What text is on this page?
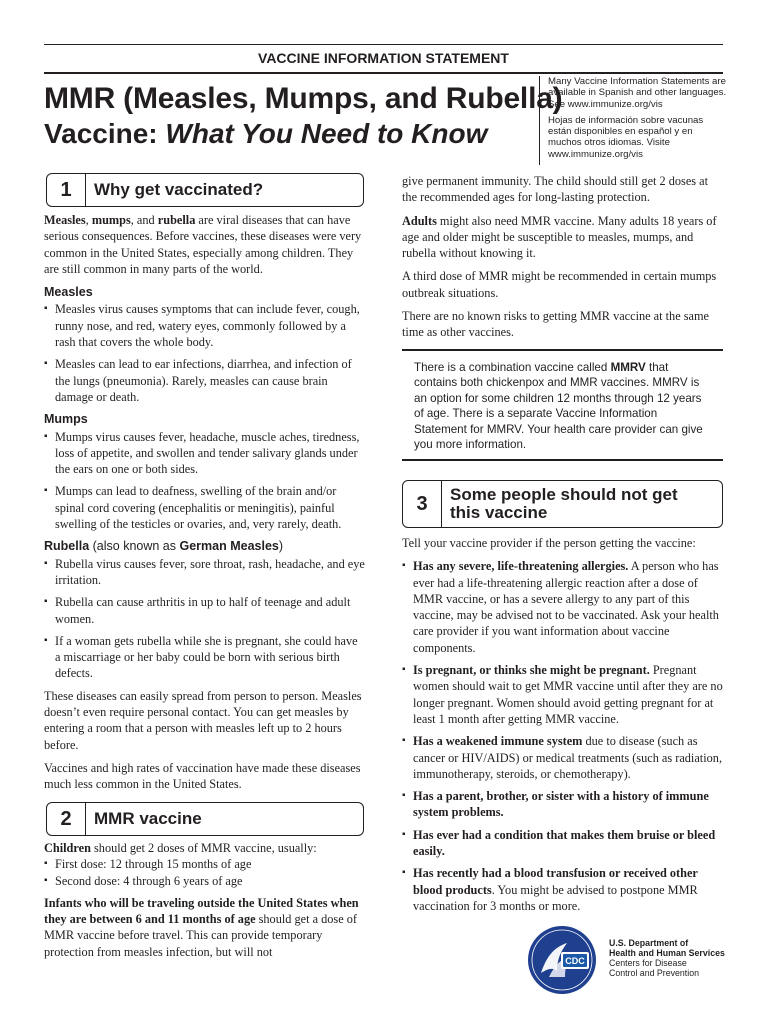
VACCINE INFORMATION STATEMENT
MMR (Measles, Mumps, and Rubella)
Vaccine: What You Need to Know

Many Vaccine Information Statements are available in Spanish and other languages. See www.immunize.org/vis

Hojas de información sobre vacunas están disponibles en español y en muchos otros idiomas. Visite www.immunize.org/vis

1	Why get vaccinated?

Measles, mumps, and rubella are viral diseases that can have serious consequences. Before vaccines, these diseases were very common in the United States, especially among children. They are still common in many parts of the world.

Measles
▪ Measles virus causes symptoms that can include fever, cough, runny nose, and red, watery eyes, commonly followed by a rash that covers the whole body.
▪ Measles can lead to ear infections, diarrhea, and infection of the lungs (pneumonia). Rarely, measles can cause brain damage or death.
Mumps
▪ Mumps virus causes fever, headache, muscle aches, tiredness, loss of appetite, and swollen and tender salivary glands under the ears on one or both sides.
▪ Mumps can lead to deafness, swelling of the brain and/or spinal cord covering (encephalitis or meningitis), painful swelling of the testicles or ovaries, and, very rarely, death.
Rubella (also known as German Measles)
▪ Rubella virus causes fever, sore throat, rash, headache, and eye irritation.
▪ Rubella can cause arthritis in up to half of teenage and adult women.
▪ If a woman gets rubella while she is pregnant, she could have a miscarriage or her baby could be born with serious birth defects.

These diseases can easily spread from person to person. Measles doesn’t even require personal contact. You can get measles by entering a room that a person with measles left up to 2 hours before.

Vaccines and high rates of vaccination have made these diseases much less common in the United States.

2	MMR vaccine
Children should get 2 doses of MMR vaccine, usually:
▪ First dose: 12 through 15 months of age
▪ Second dose: 4 through 6 years of age

Infants who will be traveling outside the United States when they are between 6 and 11 months of age should get a dose of MMR vaccine before travel. This can provide temporary protection from measles infection, but will not

give permanent immunity. The child should still get 2 doses at the recommended ages for long-lasting protection.

Adults might also need MMR vaccine. Many adults 18 years of age and older might be susceptible to measles, mumps, and rubella without knowing it.

A third dose of MMR might be recommended in certain mumps outbreak situations.

There are no known risks to getting MMR vaccine at the same time as other vaccines.

There is a combination vaccine called MMRV that contains both chickenpox and MMR vaccines. MMRV is an option for some children 12 months through 12 years of age. There is a separate Vaccine Information Statement for MMRV. Your health care provider can give you more information.
3	Some people should not get this vaccine

Tell your vaccine provider if the person getting the vaccine:

▪ Has any severe, life-threatening allergies. A person who has ever had a life-threatening allergic reaction after a dose of MMR vaccine, or has a severe allergy to any part of this vaccine, may be advised not to be vaccinated. Ask your health care provider if you want information about vaccine components.
▪ Is pregnant, or thinks she might be pregnant. Pregnant women should wait to get MMR vaccine until after they are no longer pregnant. Women should avoid getting pregnant for at least 1 month after getting MMR vaccine.
▪ Has a weakened immune system due to disease (such as cancer or HIV/AIDS) or medical treatments (such as radiation, immunotherapy, steroids, or chemotherapy).
▪ Has a parent, brother, or sister with a history of immune system problems.
▪ Has ever had a condition that makes them bruise or bleed easily.
▪ Has recently had a blood transfusion or received other blood products. You might be advised to postpone MMR vaccination for 3 months or more.
CDC
U.S. Department of
Health and Human Services
Centers for Disease
Control and Prevention
